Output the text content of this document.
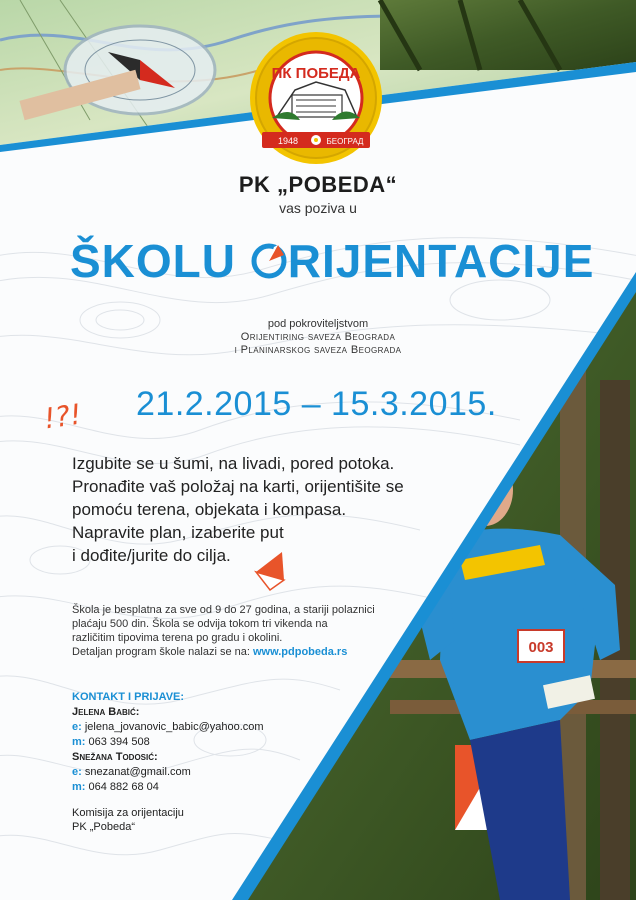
ПК ПОБЕДА
1948	БЕОГРАД
PK „POBEDA“
vas poziva u
ŠKOLU RIJENTACIJE
pod pokroviteljstvom
Orijentiring saveza Beograda
i Planinarskog saveza Beograda
!?! 21.2.2015 – 15.3.2015.
Izgubite se u šumi, na livadi, pored potoka.
Pronađite vaš položaj na karti, orijentišite se
pomoću terena, objekata i kompasa.
Napravite plan, izaberite put
i dođite/jurite do cilja.
Škola je besplatna za sve od 9 do 27 godina, a stariji polaznici
plaćaju 500 din. Škola se odvija tokom tri vikenda na
različitim tipovima terena po gradu i okolini.
Detaljan program škole nalazi se na: www.pdpobeda.rs
KONTAKT I PRIJAVE:
Jelena Babić:
e: jelena_jovanovic_babic@yahoo.com
m: 063 394 508
Snežana Todosić:
e: snezanat@gmail.com
m: 064 882 68 04
Komisija za orijentaciju
PK „Pobeda“
003
